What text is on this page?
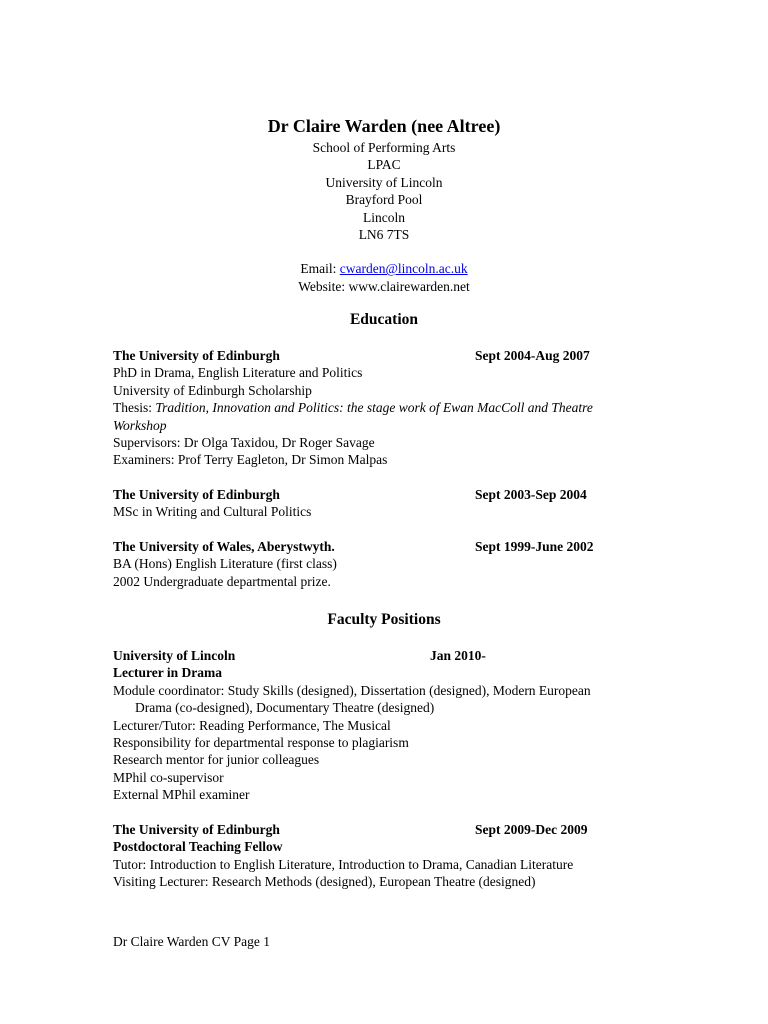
Dr Claire Warden (nee Altree)
School of Performing Arts
LPAC
University of Lincoln
Brayford Pool
Lincoln
LN6 7TS
Email: cwarden@lincoln.ac.uk
Website: www.clairewarden.net
Education
The University of Edinburgh	Sept 2004-Aug 2007
PhD in Drama, English Literature and Politics
University of Edinburgh Scholarship
Thesis: Tradition, Innovation and Politics: the stage work of Ewan MacColl and Theatre
Workshop
Supervisors: Dr Olga Taxidou, Dr Roger Savage
Examiners: Prof Terry Eagleton, Dr Simon Malpas
The University of Edinburgh	Sept 2003-Sep 2004
MSc in Writing and Cultural Politics
The University of Wales, Aberystwyth.	Sept 1999-June 2002
BA (Hons) English Literature (first class)
2002 Undergraduate departmental prize.
Faculty Positions
University of Lincoln	Jan 2010-
Lecturer in Drama
Module coordinator: Study Skills (designed), Dissertation (designed), Modern European
Drama (co-designed), Documentary Theatre (designed)
Lecturer/Tutor: Reading Performance, The Musical
Responsibility for departmental response to plagiarism
Research mentor for junior colleagues
MPhil co-supervisor
External MPhil examiner
The University of Edinburgh	Sept 2009-Dec 2009
Postdoctoral Teaching Fellow
Tutor: Introduction to English Literature, Introduction to Drama, Canadian Literature
Visiting Lecturer: Research Methods (designed), European Theatre (designed)
Dr Claire Warden CV Page 1
